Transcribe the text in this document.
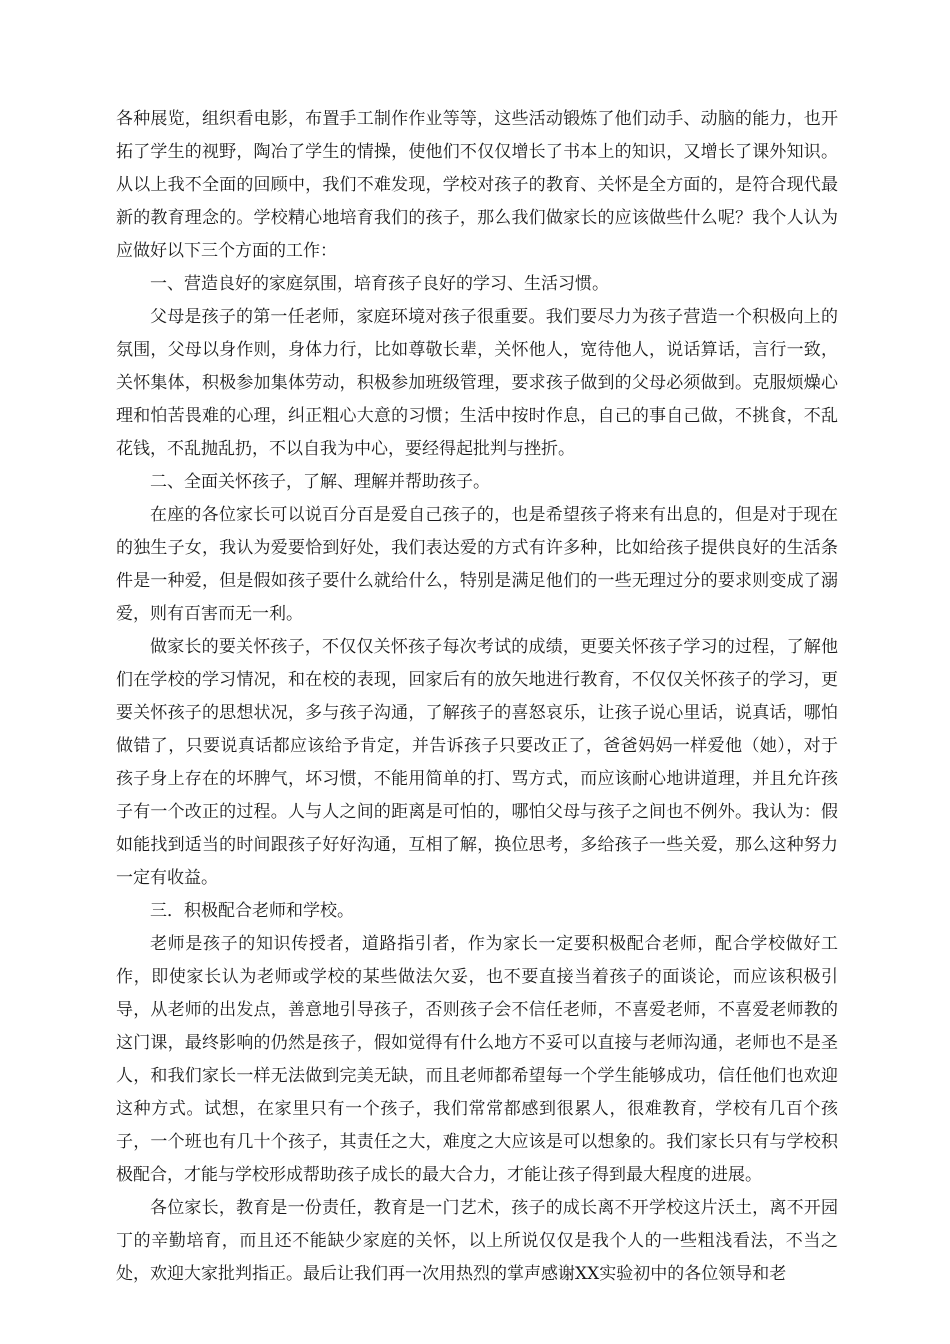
各种展览，组织看电影，布置手工制作作业等等，这些活动锻炼了他们动手、动脑的能力，也开拓了学生的视野，陶冶了学生的情操，使他们不仅仅增长了书本上的知识，又增长了课外知识。从以上我不全面的回顾中，我们不难发现，学校对孩子的教育、关怀是全方面的，是符合现代最新的教育理念的。学校精心地培育我们的孩子，那么我们做家长的应该做些什么呢？我个人认为应做好以下三个方面的工作：

一、营造良好的家庭氛围，培育孩子良好的学习、生活习惯。

父母是孩子的第一任老师，家庭环境对孩子很重要。我们要尽力为孩子营造一个积极向上的氛围，父母以身作则，身体力行，比如尊敬长辈，关怀他人，宽待他人，说话算话，言行一致，关怀集体，积极参加集体劳动，积极参加班级管理，要求孩子做到的父母必须做到。克服烦燥心理和怕苦畏难的心理，纠正粗心大意的习惯；生活中按时作息，自己的事自己做，不挑食，不乱花钱，不乱抛乱扔，不以自我为中心，要经得起批判与挫折。

二、全面关怀孩子，了解、理解并帮助孩子。

在座的各位家长可以说百分百是爱自己孩子的，也是希望孩子将来有出息的，但是对于现在的独生子女，我认为爱要恰到好处，我们表达爱的方式有许多种，比如给孩子提供良好的生活条件是一种爱，但是假如孩子要什么就给什么，特别是满足他们的一些无理过分的要求则变成了溺爱，则有百害而无一利。

做家长的要关怀孩子，不仅仅关怀孩子每次考试的成绩，更要关怀孩子学习的过程，了解他们在学校的学习情况，和在校的表现，回家后有的放矢地进行教育，不仅仅关怀孩子的学习，更要关怀孩子的思想状况，多与孩子沟通，了解孩子的喜怒哀乐，让孩子说心里话，说真话，哪怕做错了，只要说真话都应该给予肯定，并告诉孩子只要改正了，爸爸妈妈一样爱他（她），对于孩子身上存在的坏脾气，坏习惯，不能用简单的打、骂方式，而应该耐心地讲道理，并且允许孩子有一个改正的过程。人与人之间的距离是可怕的，哪怕父母与孩子之间也不例外。我认为：假如能找到适当的时间跟孩子好好沟通，互相了解，换位思考，多给孩子一些关爱，那么这种努力一定有收益。

三．积极配合老师和学校。

老师是孩子的知识传授者，道路指引者，作为家长一定要积极配合老师，配合学校做好工作，即使家长认为老师或学校的某些做法欠妥，也不要直接当着孩子的面谈论，而应该积极引导，从老师的出发点，善意地引导孩子，否则孩子会不信任老师，不喜爱老师，不喜爱老师教的这门课，最终影响的仍然是孩子，假如觉得有什么地方不妥可以直接与老师沟通，老师也不是圣人，和我们家长一样无法做到完美无缺，而且老师都希望每一个学生能够成功，信任他们也欢迎这种方式。试想，在家里只有一个孩子，我们常常都感到很累人，很难教育，学校有几百个孩子，一个班也有几十个孩子，其责任之大，难度之大应该是可以想象的。我们家长只有与学校积极配合，才能与学校形成帮助孩子成长的最大合力，才能让孩子得到最大程度的进展。

各位家长，教育是一份责任，教育是一门艺术，孩子的成长离不开学校这片沃土，离不开园丁的辛勤培育，而且还不能缺少家庭的关怀，以上所说仅仅是我个人的一些粗浅看法，不当之处，欢迎大家批判指正。最后让我们再一次用热烈的掌声感谢XX实验初中的各位领导和老
